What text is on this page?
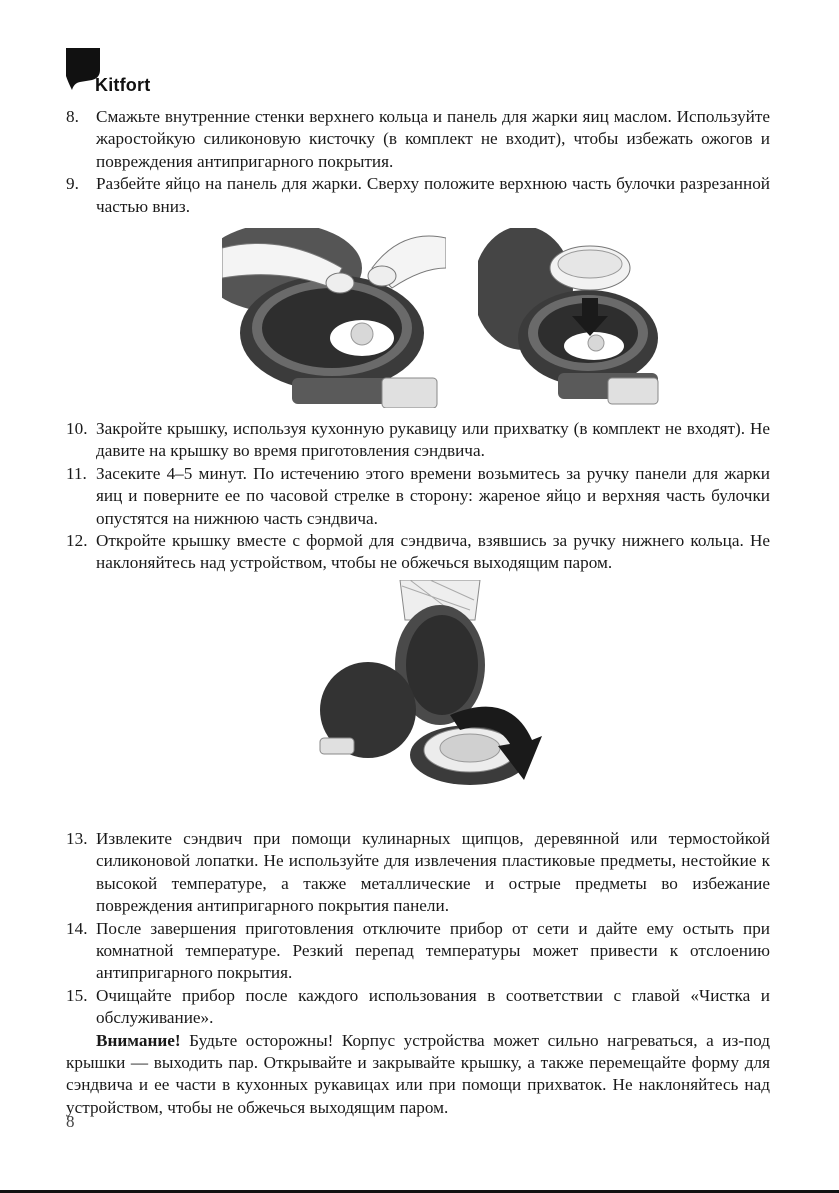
Kitfort
8. Смажьте внутренние стенки верхнего кольца и панель для жарки яиц маслом. Используйте жаростойкую силиконовую кисточку (в комплект не входит), чтобы избежать ожогов и повреждения антипригарного покрытия.
9. Разбейте яйцо на панель для жарки. Сверху положите верхнюю часть булочки разрезанной частью вниз.
10. Закройте крышку, используя кухонную рукавицу или прихватку (в комплект не входят). Не давите на крышку во время приготовления сэндвича.
11. Засеките 4–5 минут. По истечению этого времени возьмитесь за ручку панели для жарки яиц и поверните ее по часовой стрелке в сторону: жареное яйцо и верхняя часть булочки опустятся на нижнюю часть сэндвича.
12. Откройте крышку вместе с формой для сэндвича, взявшись за ручку нижнего кольца. Не наклоняйтесь над устройством, чтобы не обжечься выходящим паром.
13. Извлеките сэндвич при помощи кулинарных щипцов, деревянной или термостойкой силиконовой лопатки. Не используйте для извлечения пластиковые предметы, нестойкие к высокой температуре, а также металлические и острые предметы во избежание повреждения антипригарного покрытия панели.
14. После завершения приготовления отключите прибор от сети и дайте ему остыть при комнатной температуре. Резкий перепад температуры может привести к отслоению антипригарного покрытия.
15. Очищайте прибор после каждого использования в соответствии с главой «Чистка и обслуживание».
Внимание! Будьте осторожны! Корпус устройства может сильно нагреваться, а из-под крышки — выходить пар. Открывайте и закрывайте крышку, а также перемещайте форму для сэндвича и ее части в кухонных рукавицах или при помощи прихваток. Не наклоняйтесь над устройством, чтобы не обжечься выходящим паром.
8
